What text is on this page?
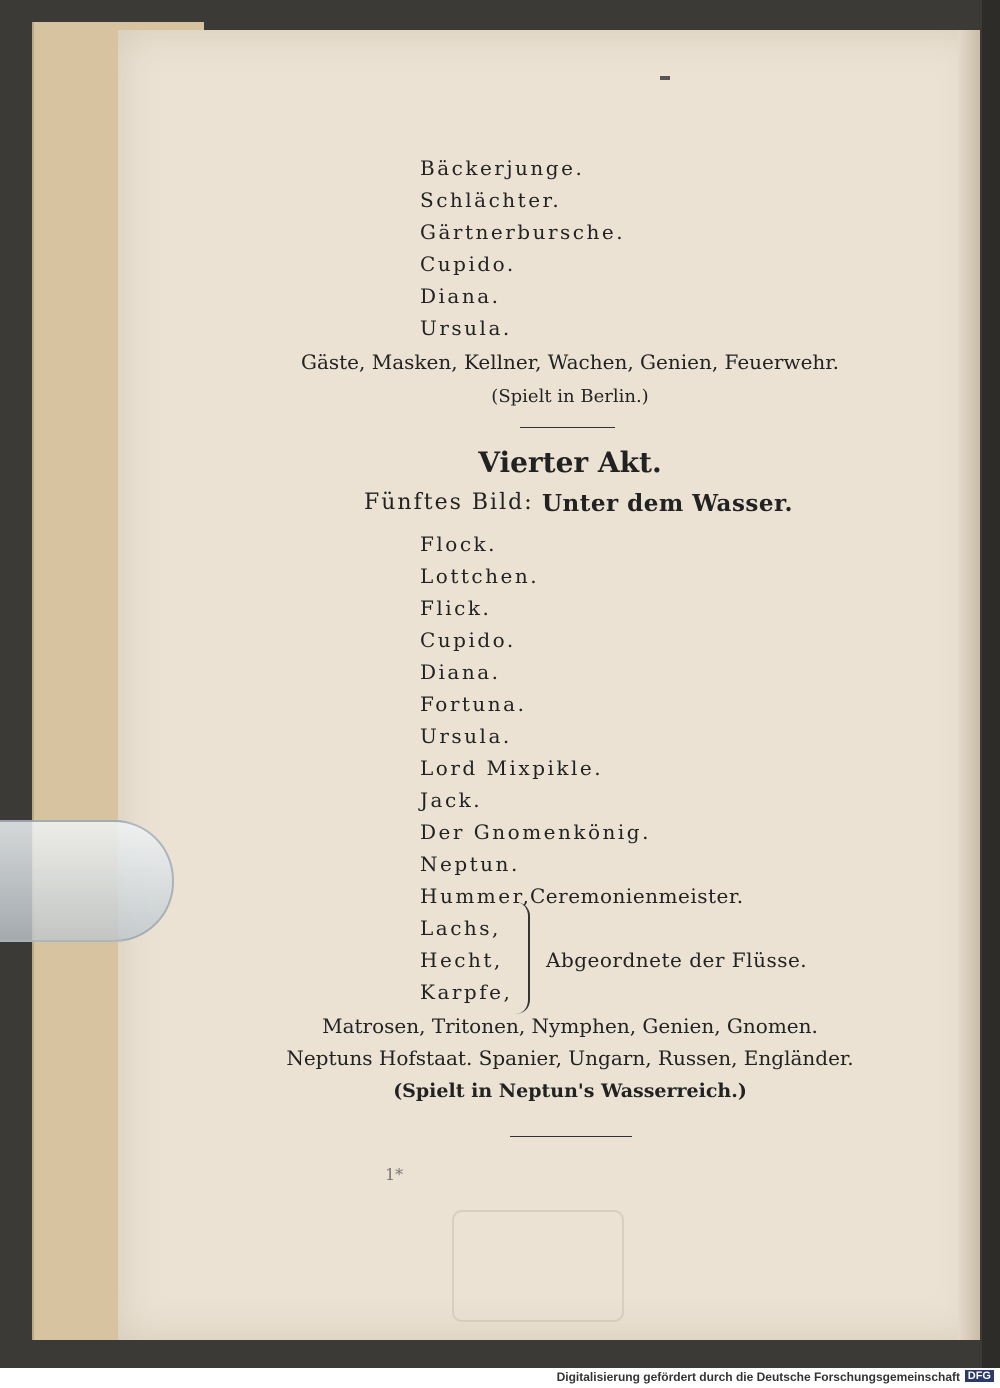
Bäckerjunge.
Schlächter.
Gärtnerbursche.
Cupido.
Diana.
Ursula.
Gäste, Masken, Kellner, Wachen, Genien, Feuerwehr.
(Spielt in Berlin.)
Vierter Akt.
Fünftes Bild: Unter dem Wasser.
Flock.
Lottchen.
Flick.
Cupido.
Diana.
Fortuna.
Ursula.
Lord Mixpikle.
Jack.
Der Gnomenkönig.
Neptun.
Hummer,
Ceremonienmeister.
Lachs,
Hecht,
Karpfe,
Abgeordnete der Flüsse.
Matrosen, Tritonen, Nymphen, Genien, Gnomen.
Neptuns Hofstaat. Spanier, Ungarn, Russen, Engländer.
(Spielt in Neptun's Wasserreich.)
1*
Digitalisierung gefördert durch die Deutsche Forschungsgemeinschaft DFG
